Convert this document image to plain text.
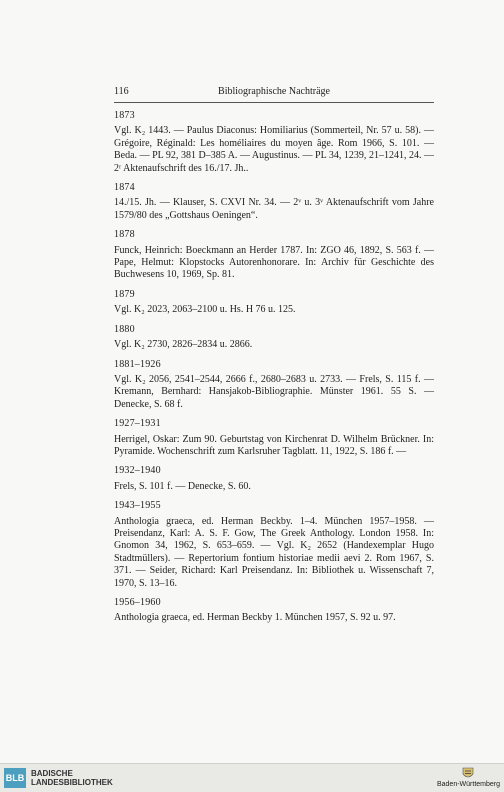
116	Bibliographische Nachträge
1873
Vgl. K₂ 1443. — Paulus Diaconus: Homiliarius (Sommerteil, Nr. 57 u. 58). — Grégoire, Réginald: Les homéliaires du moyen âge. Rom 1966, S. 101. — Beda. — PL 92, 381 D–385 A. — Augustinus. — PL 34, 1239, 21–1241, 24. — 2ʳ Aktenaufschrift des 16./17. Jh..
1874
14./15. Jh. — Klauser, S. CXVI Nr. 34. — 2ᵛ u. 3ᵛ Aktenaufschrift vom Jahre 1579/80 des „Gottshaus Oeningen“.
1878
Funck, Heinrich: Boeckmann an Herder 1787. In: ZGO 46, 1892, S. 563 f. — Pape, Helmut: Klopstocks Autorenhonorare. In: Archiv für Geschichte des Buchwesens 10, 1969, Sp. 81.
1879
Vgl. K₂ 2023, 2063–2100 u. Hs. H 76 u. 125.
1880
Vgl. K₂ 2730, 2826–2834 u. 2866.
1881–1926
Vgl. K₂ 2056, 2541–2544, 2666 f., 2680–2683 u. 2733. — Frels, S. 115 f. — Kremann, Bernhard: Hansjakob-Bibliographie. Münster 1961. 55 S. — Denecke, S. 68 f.
1927–1931
Herrigel, Oskar: Zum 90. Geburtstag von Kirchenrat D. Wilhelm Brückner. In: Pyramide. Wochenschrift zum Karlsruher Tagblatt. 11, 1922, S. 186 f. —
1932–1940
Frels, S. 101 f. — Denecke, S. 60.
1943–1955
Anthologia graeca, ed. Herman Beckby. 1–4. München 1957–1958. — Preisendanz, Karl: A. S. F. Gow, The Greek Anthology. London 1958. In: Gnomon 34, 1962, S. 653–659. — Vgl. K₂ 2652 (Handexemplar Hugo Stadtmüllers). — Repertorium fontium historiae medii aevi 2. Rom 1967, S. 371. — Seider, Richard: Karl Preisendanz. In: Bibliothek u. Wissenschaft 7, 1970, S. 13–16.
1956–1960
Anthologia graeca, ed. Herman Beckby 1. München 1957, S. 92 u. 97.
BLB BADISCHE
LANDESBIBLIOTHEK	Baden-Württemberg
